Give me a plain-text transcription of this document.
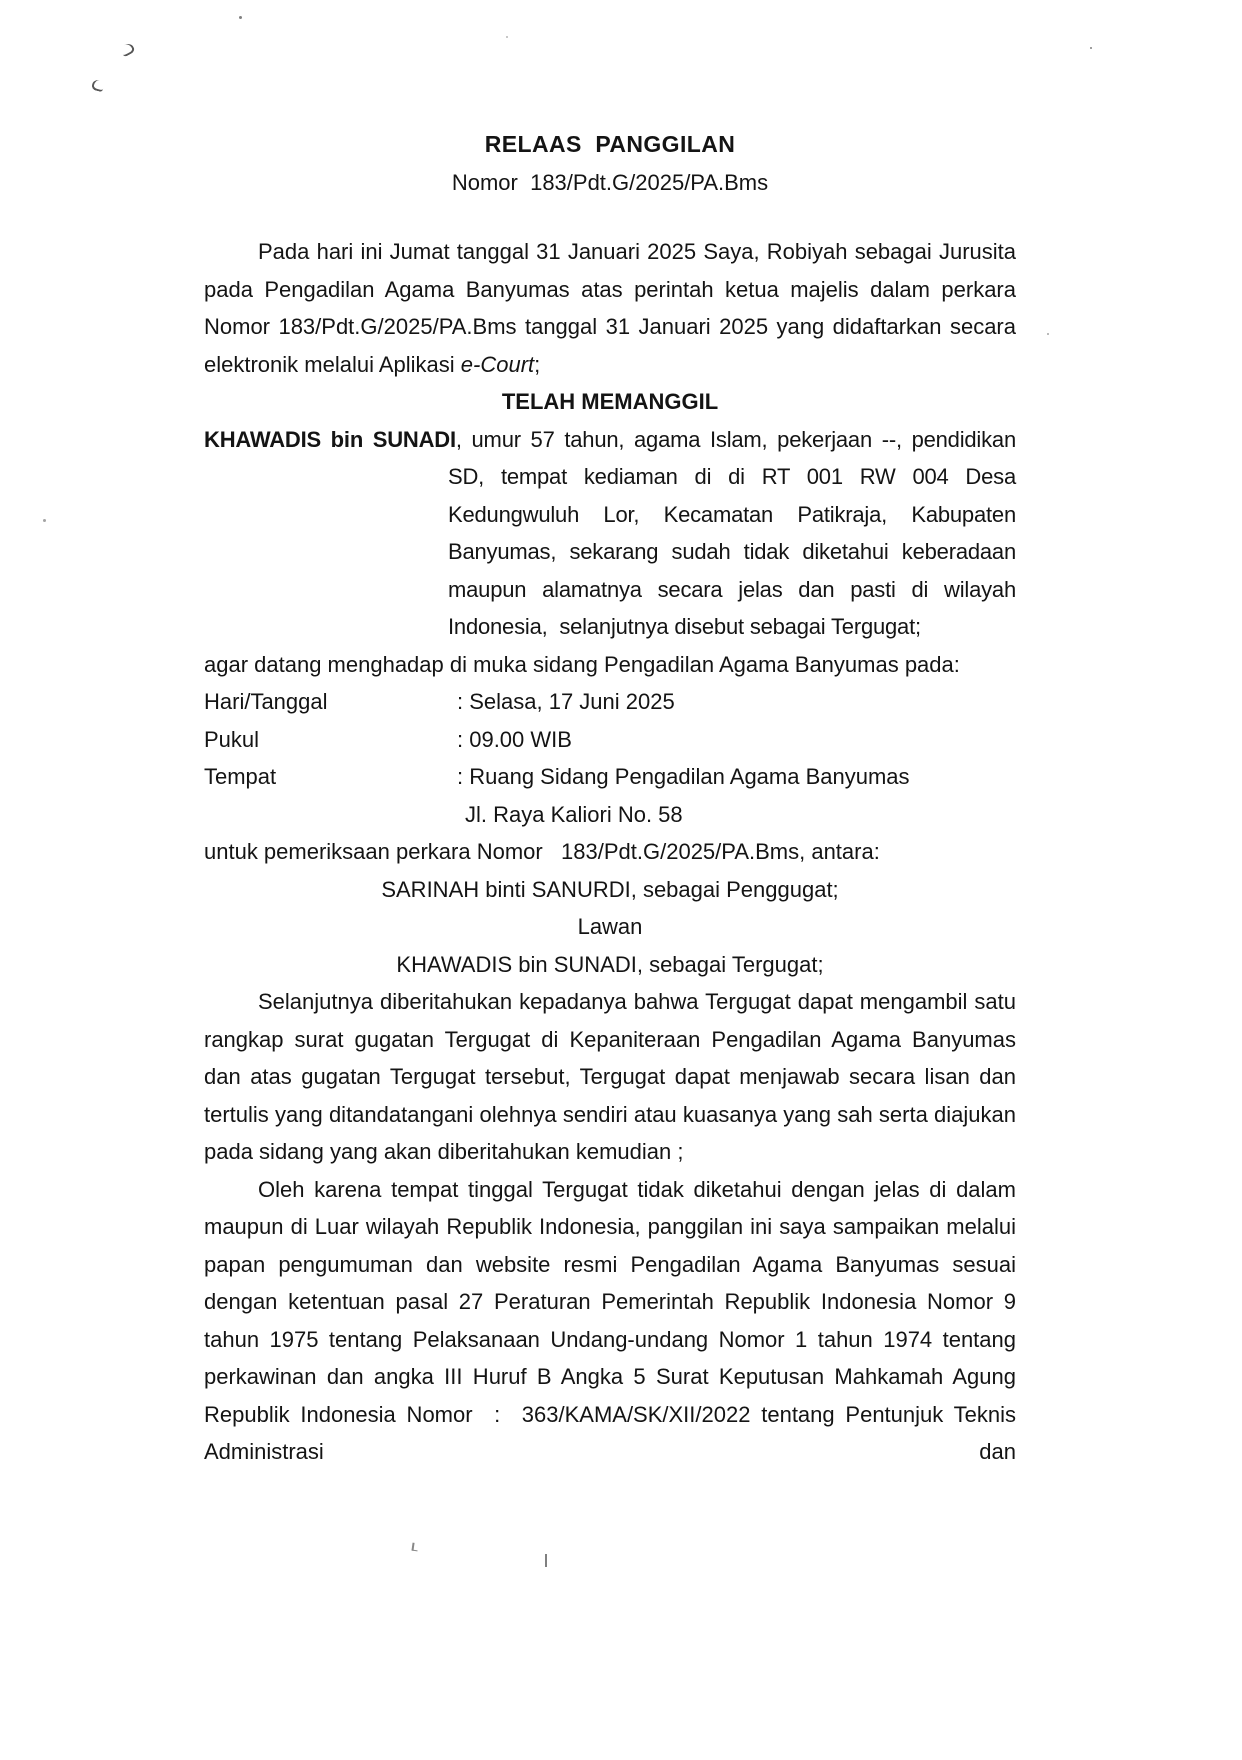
RELAAS  PANGGILAN
Nomor  183/Pdt.G/2025/PA.Bms

Pada hari ini Jumat tanggal 31 Januari 2025 Saya, Robiyah sebagai Jurusita pada Pengadilan Agama Banyumas atas perintah ketua majelis dalam perkara Nomor 183/Pdt.G/2025/PA.Bms tanggal 31 Januari 2025 yang didaftarkan secara elektronik melalui Aplikasi e-Court;

TELAH MEMANGGIL

KHAWADIS bin SUNADI, umur 57 tahun, agama Islam, pekerjaan --, pendidikan SD, tempat kediaman di di RT 001 RW 004 Desa Kedungwuluh Lor, Kecamatan Patikraja, Kabupaten Banyumas, sekarang sudah tidak diketahui keberadaan maupun alamatnya secara jelas dan pasti di wilayah Indonesia,  selanjutnya disebut sebagai Tergugat;

agar datang menghadap di muka sidang Pengadilan Agama Banyumas pada:
Hari/Tanggal	: Selasa, 17 Juni 2025
Pukul	: 09.00 WIB
Tempat	: Ruang Sidang Pengadilan Agama Banyumas
Jl. Raya Kaliori No. 58
untuk pemeriksaan perkara Nomor   183/Pdt.G/2025/PA.Bms, antara:
SARINAH binti SANURDI, sebagai Penggugat;
Lawan
KHAWADIS bin SUNADI, sebagai Tergugat;

Selanjutnya diberitahukan kepadanya bahwa Tergugat dapat mengambil satu rangkap surat gugatan Tergugat di Kepaniteraan Pengadilan Agama Banyumas dan atas gugatan Tergugat tersebut, Tergugat dapat menjawab secara lisan dan tertulis yang ditandatangani olehnya sendiri atau kuasanya yang sah serta diajukan pada sidang yang akan diberitahukan kemudian ;

Oleh karena tempat tinggal Tergugat tidak diketahui dengan jelas di dalam maupun di Luar wilayah Republik Indonesia, panggilan ini saya sampaikan melalui papan pengumuman dan website resmi Pengadilan Agama Banyumas sesuai dengan ketentuan pasal 27 Peraturan Pemerintah Republik Indonesia Nomor 9 tahun 1975 tentang Pelaksanaan Undang-undang Nomor 1 tahun 1974 tentang perkawinan dan angka III Huruf B Angka 5 Surat Keputusan Mahkamah Agung Republik Indonesia Nomor  :  363/KAMA/SK/XII/2022 tentang Pentunjuk Teknis Administrasi dan
